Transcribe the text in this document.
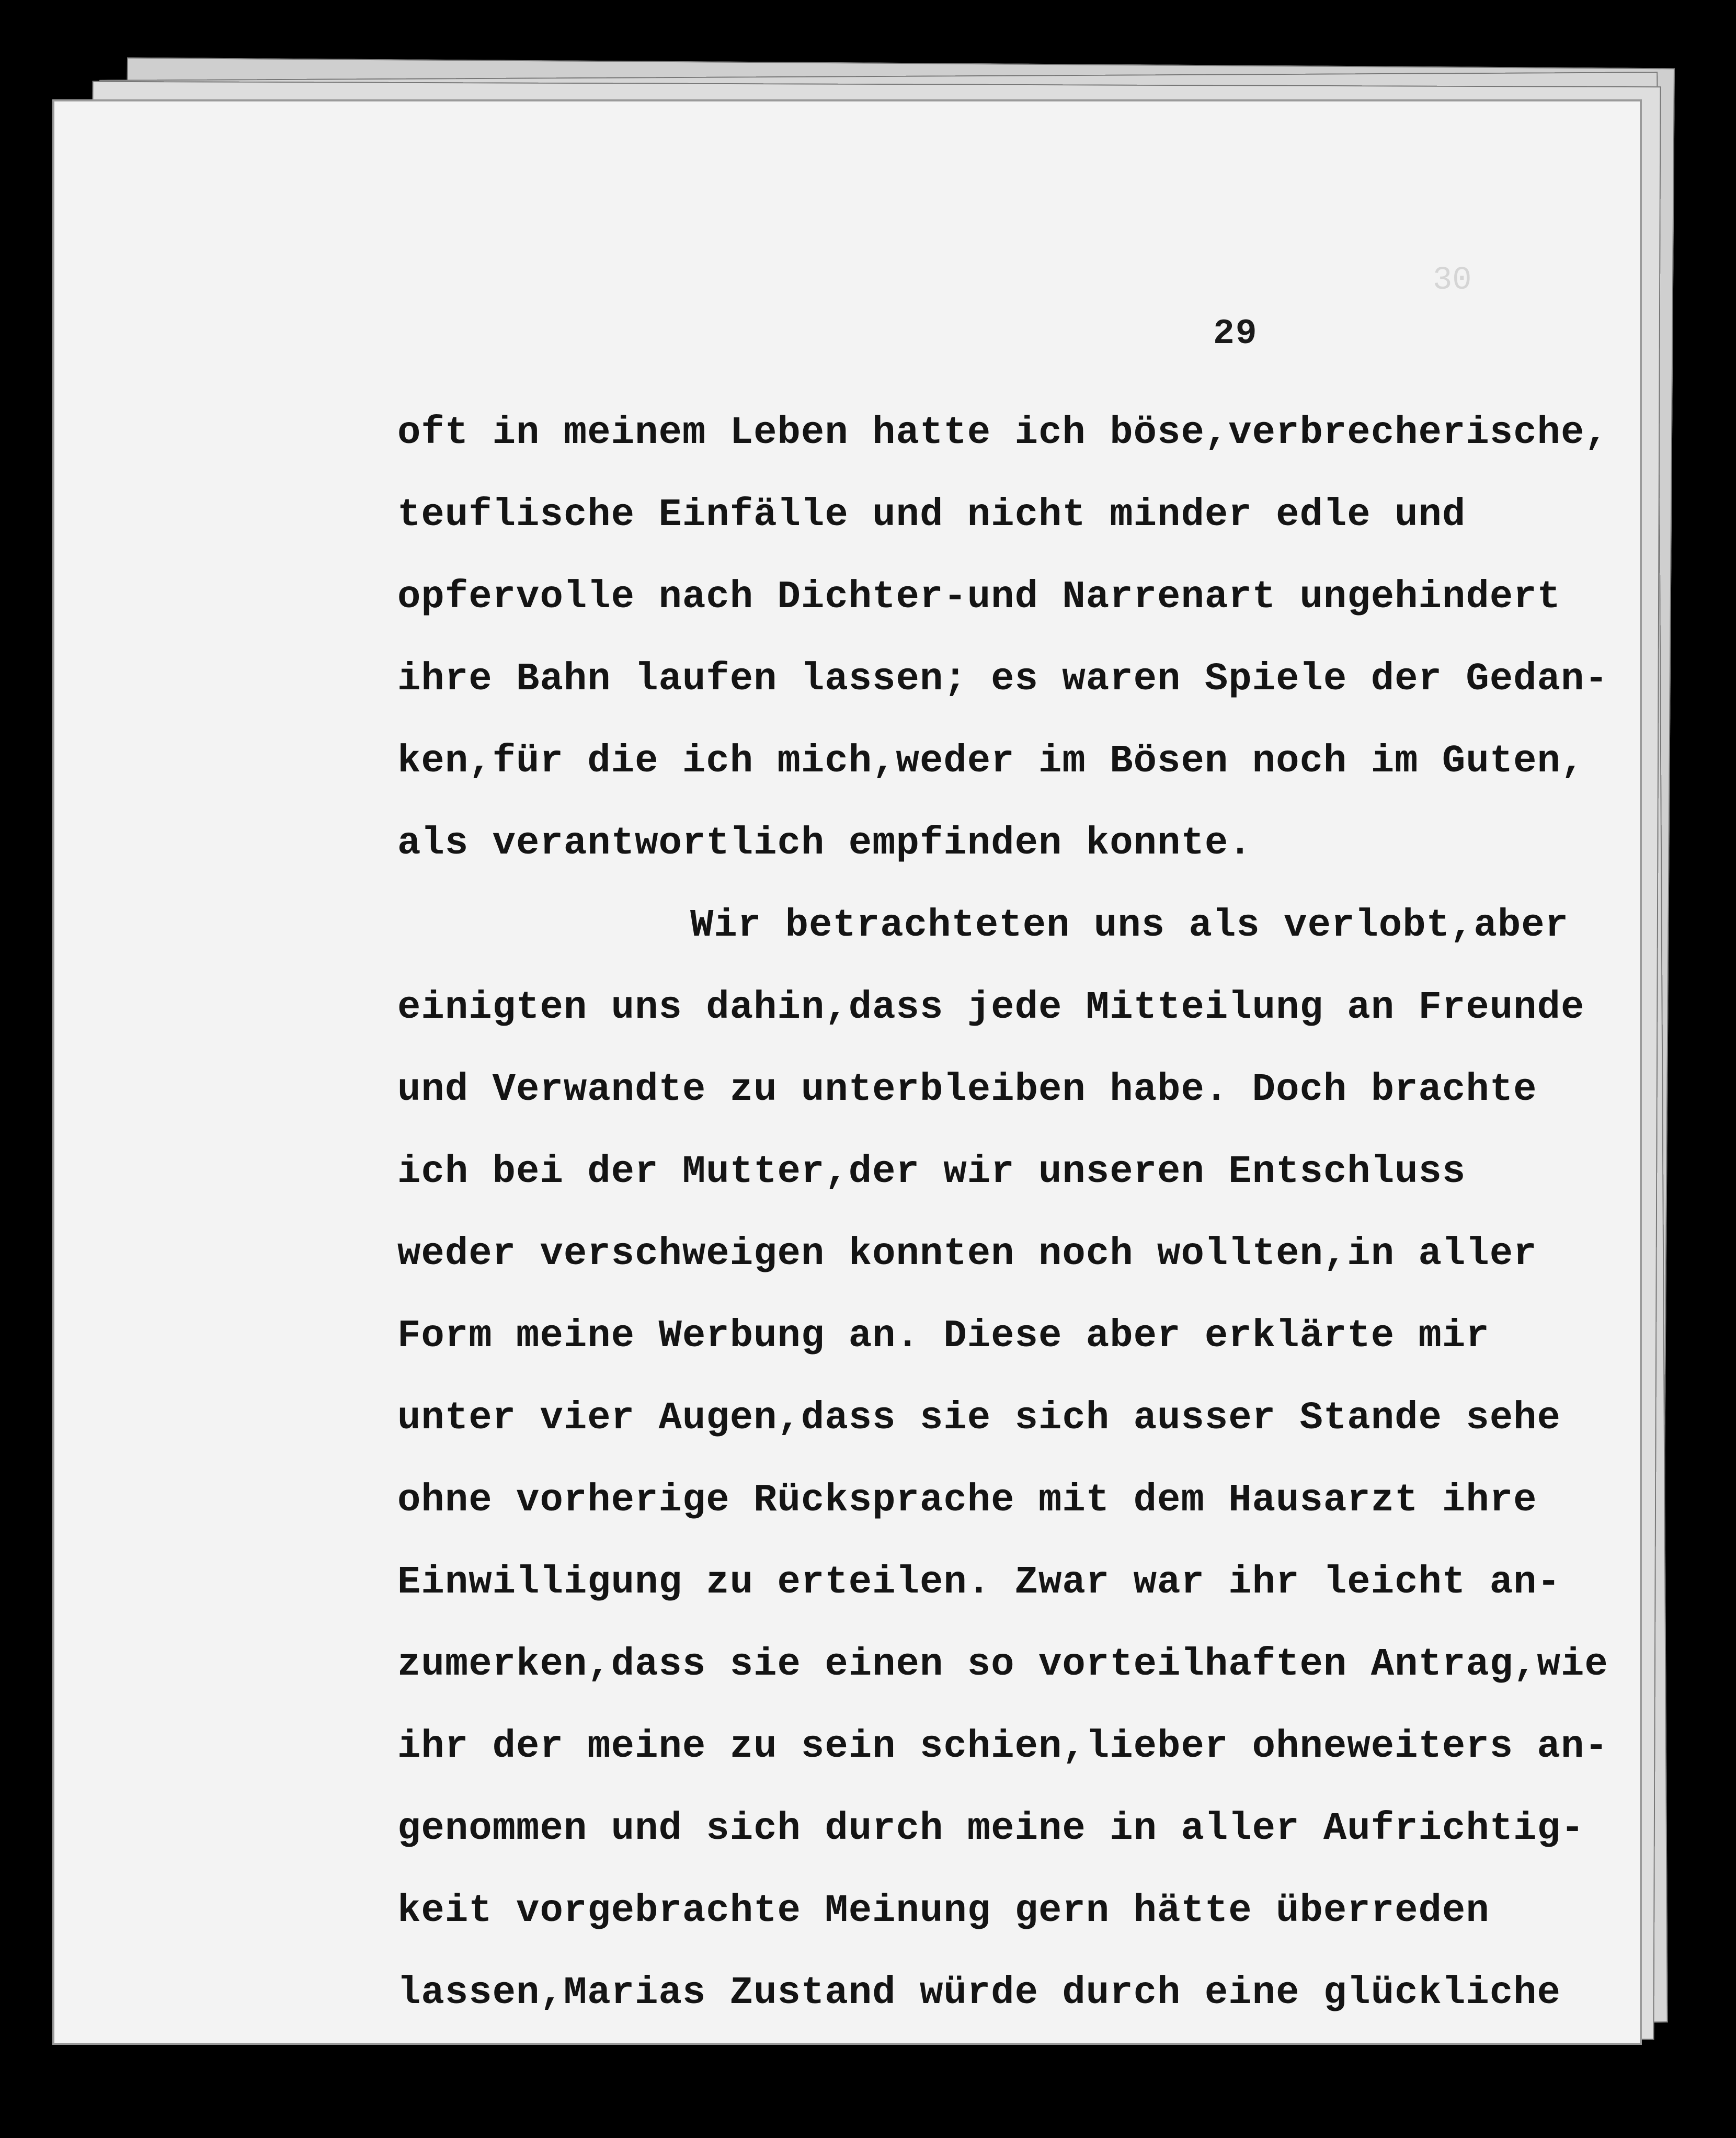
30
29
oft in meinem Leben hatte ich böse,verbrecherische,
teuflische Einfälle und nicht minder edle und
opfervolle nach Dichter-und Narrenart ungehindert
ihre Bahn laufen lassen; es waren Spiele der Gedan-
ken,für die ich mich,weder im Bösen noch im Guten,
als verantwortlich empfinden konnte.
Wir betrachteten uns als verlobt,aber
einigten uns dahin,dass jede Mitteilung an Freunde
und Verwandte zu unterbleiben habe. Doch brachte
ich bei der Mutter,der wir unseren Entschluss
weder verschweigen konnten noch wollten,in aller
Form meine Werbung an. Diese aber erklärte mir
unter vier Augen,dass sie sich ausser Stande sehe
ohne vorherige Rücksprache mit dem Hausarzt ihre
Einwilligung zu erteilen. Zwar war ihr leicht an-
zumerken,dass sie einen so vorteilhaften Antrag,wie
ihr der meine zu sein schien,lieber ohneweiters an-
genommen und sich durch meine in aller Aufrichtig-
keit vorgebrachte Meinung gern hätte überreden
lassen,Marias Zustand würde durch eine glückliche
